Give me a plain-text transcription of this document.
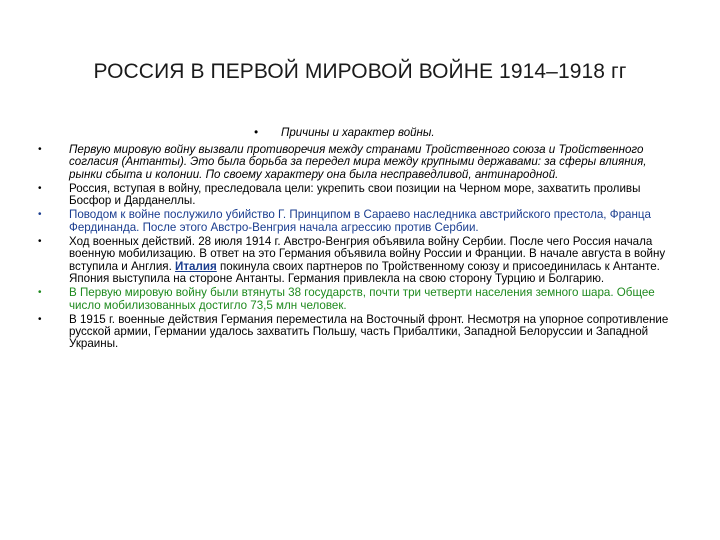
РОССИЯ В ПЕРВОЙ МИРОВОЙ ВОЙНЕ 1914–1918 гг
• Причины и характер войны.
• Первую мировую войну вызвали противоречия между странами Тройственного союза и Тройственного согласия (Антанты). Это была борьба за передел мира между крупными державами: за сферы влияния, рынки сбыта и колонии. По своему характеру она была несправедливой, антинародной.
• Россия, вступая в войну, преследовала цели: укрепить свои позиции на Черном море, захватить проливы Босфор и Дарданеллы.
• Поводом к войне послужило убийство Г. Принципом в Сараево наследника австрийского престола, Франца Фердинанда. После этого Австро-Венгрия начала агрессию против Сербии.
• Ход военных действий. 28 июля 1914 г. Австро-Венгрия объявила войну Сербии. После чего Россия начала военную мобилизацию. В ответ на это Германия объявила войну России и Франции. В начале августа в войну вступила и Англия. Италия покинула своих партнеров по Тройственному союзу и присоединилась к Антанте. Япония выступила на стороне Антанты. Германия привлекла на свою сторону Турцию и Болгарию.
• В Первую мировую войну были втянуты 38 государств, почти три четверти населения земного шара. Общее число мобилизованных достигло 73,5 млн человек.
• В 1915 г. военные действия Германия переместила на Восточный фронт. Несмотря на упорное сопротивление русской армии, Германии удалось захватить Польшу, часть Прибалтики, Западной Белоруссии и Западной Украины.
